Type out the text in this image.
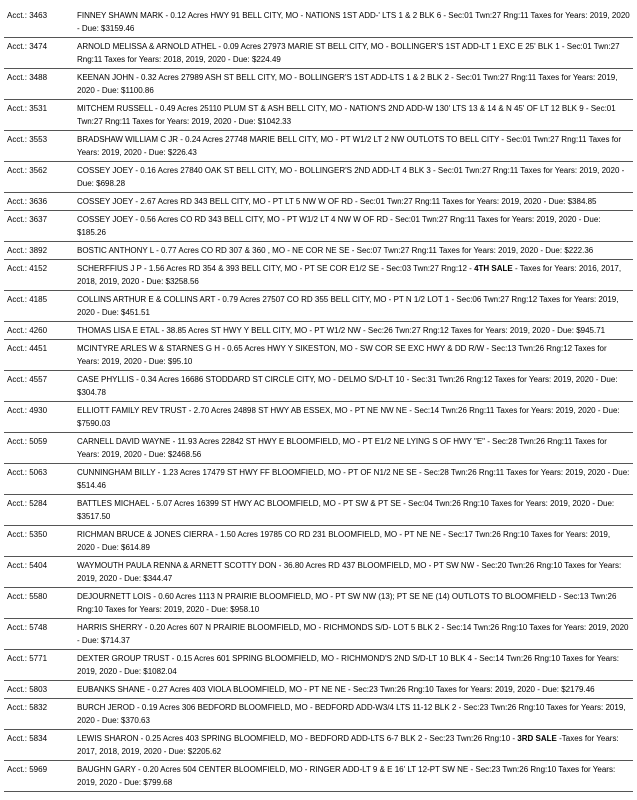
Acct.: 3463	FINNEY SHAWN MARK - 0.12 Acres HWY 91 BELL CITY, MO - NATIONS 1ST ADD-' LTS 1 & 2 BLK 6 - Sec:01 Twn:27 Rng:11 Taxes for Years: 2019, 2020 - Due: $3159.46
Acct.: 3474	ARNOLD MELISSA & ARNOLD ATHEL - 0.09 Acres 27973 MARIE ST BELL CITY, MO - BOLLINGER'S 1ST ADD-LT 1 EXC E 25' BLK 1 - Sec:01 Twn:27 Rng:11 Taxes for Years: 2018, 2019, 2020 - Due: $224.49
Acct.: 3488	KEENAN JOHN - 0.32 Acres 27989 ASH ST BELL CITY, MO - BOLLINGER'S 1ST ADD-LTS 1 & 2 BLK 2 - Sec:01 Twn:27 Rng:11 Taxes for Years: 2019, 2020 - Due: $1100.86
Acct.: 3531	MITCHEM RUSSELL - 0.49 Acres 25110 PLUM ST & ASH BELL CITY, MO - NATION'S 2ND ADD-W 130' LTS 13 & 14 & N 45' OF LT 12 BLK 9 - Sec:01 Twn:27 Rng:11 Taxes for Years: 2019, 2020 - Due: $1042.33
Acct.: 3553	BRADSHAW WILLIAM C JR - 0.24 Acres 27748 MARIE BELL CITY, MO - PT W1/2 LT 2 NW OUTLOTS TO BELL CITY - Sec:01 Twn:27 Rng:11 Taxes for Years: 2019, 2020 - Due: $226.43
Acct.: 3562	COSSEY JOEY - 0.16 Acres 27840 OAK ST BELL CITY, MO - BOLLINGER'S 2ND ADD-LT 4 BLK 3 - Sec:01 Twn:27 Rng:11 Taxes for Years: 2019, 2020 - Due: $698.28
Acct.: 3636	COSSEY JOEY - 2.67 Acres RD 343 BELL CITY, MO - PT LT 5 NW W OF RD - Sec:01 Twn:27 Rng:11 Taxes for Years: 2019, 2020 - Due: $384.85
Acct.: 3637	COSSEY JOEY - 0.56 Acres CO RD 343 BELL CITY, MO - PT W1/2 LT 4 NW W OF RD - Sec:01 Twn:27 Rng:11 Taxes for Years: 2019, 2020 - Due: $185.26
Acct.: 3892	BOSTIC ANTHONY L - 0.77 Acres CO RD 307 & 360 , MO - NE COR NE SE - Sec:07 Twn:27 Rng:11 Taxes for Years: 2019, 2020 - Due: $222.36
Acct.: 4152	SCHERFFIUS J P - 1.56 Acres RD 354 & 393 BELL CITY, MO - PT SE COR E1/2 SE - Sec:03 Twn:27 Rng:12 - 4TH SALE - Taxes for Years: 2016, 2017, 2018, 2019, 2020 - Due: $3258.56
Acct.: 4185	COLLINS ARTHUR E & COLLINS ART - 0.79 Acres 27507 CO RD 355 BELL CITY, MO - PT N 1/2 LOT 1 - Sec:06 Twn:27 Rng:12 Taxes for Years: 2019, 2020 - Due: $451.51
Acct.: 4260	THOMAS LISA E ETAL - 38.85 Acres ST HWY Y BELL CITY, MO - PT W1/2 NW - Sec:26 Twn:27 Rng:12 Taxes for Years: 2019, 2020 - Due: $945.71
Acct.: 4451	MCINTYRE ARLES W & STARNES G H - 0.65 Acres HWY Y SIKESTON, MO - SW COR SE EXC HWY & DD R/W - Sec:13 Twn:26 Rng:12 Taxes for Years: 2019, 2020 - Due: $95.10
Acct.: 4557	CASE PHYLLIS - 0.34 Acres 16686 STODDARD ST CIRCLE CITY, MO - DELMO S/D-LT 10 - Sec:31 Twn:26 Rng:12 Taxes for Years: 2019, 2020 - Due: $304.78
Acct.: 4930	ELLIOTT FAMILY REV TRUST - 2.70 Acres 24898 ST HWY AB ESSEX, MO - PT NE NW NE - Sec:14 Twn:26 Rng:11 Taxes for Years: 2019, 2020 - Due: $7590.03
Acct.: 5059	CARNELL DAVID WAYNE - 11.93 Acres 22842 ST HWY E BLOOMFIELD, MO - PT E1/2 NE LYING S OF HWY "E" - Sec:28 Twn:26 Rng:11 Taxes for Years: 2019, 2020 - Due: $2468.56
Acct.: 5063	CUNNINGHAM BILLY - 1.23 Acres 17479 ST HWY FF BLOOMFIELD, MO - PT OF N1/2 NE SE - Sec:28 Twn:26 Rng:11 Taxes for Years: 2019, 2020 - Due: $514.46
Acct.: 5284	BATTLES MICHAEL - 5.07 Acres 16399 ST HWY AC BLOOMFIELD, MO - PT SW & PT SE - Sec:04 Twn:26 Rng:10 Taxes for Years: 2019, 2020 - Due: $3517.50
Acct.: 5350	RICHMAN BRUCE & JONES CIERRA - 1.50 Acres 19785 CO RD 231 BLOOMFIELD, MO - PT NE NE - Sec:17 Twn:26 Rng:10 Taxes for Years: 2019, 2020 - Due: $614.89
Acct.: 5404	WAYMOUTH PAULA RENNA & ARNETT SCOTTY DON - 36.80 Acres RD 437 BLOOMFIELD, MO - PT SW NW - Sec:20 Twn:26 Rng:10 Taxes for Years: 2019, 2020 - Due: $344.47
Acct.: 5580	DEJOURNETT LOIS - 0.60 Acres 1113 N PRAIRIE BLOOMFIELD, MO - PT SW NW (13); PT SE NE (14) OUTLOTS TO BLOOMFIELD - Sec:13 Twn:26 Rng:10 Taxes for Years: 2019, 2020 - Due: $958.10
Acct.: 5748	HARRIS SHERRY - 0.20 Acres 607 N PRAIRIE BLOOMFIELD, MO - RICHMONDS S/D- LOT 5 BLK 2 - Sec:14 Twn:26 Rng:10 Taxes for Years: 2019, 2020 - Due: $714.37
Acct.: 5771	DEXTER GROUP TRUST - 0.15 Acres 601 SPRING BLOOMFIELD, MO - RICHMOND'S 2ND S/D-LT 10 BLK 4 - Sec:14 Twn:26 Rng:10 Taxes for Years: 2019, 2020 - Due: $1082.04
Acct.: 5803	EUBANKS SHANE - 0.27 Acres 403 VIOLA BLOOMFIELD, MO - PT NE NE - Sec:23 Twn:26 Rng:10 Taxes for Years: 2019, 2020 - Due: $2179.46
Acct.: 5832	BURCH JEROD - 0.19 Acres 306 BEDFORD BLOOMFIELD, MO - BEDFORD ADD-W3/4 LTS 11-12 BLK 2 - Sec:23 Twn:26 Rng:10 Taxes for Years: 2019, 2020 - Due: $370.63
Acct.: 5834	LEWIS SHARON - 0.25 Acres 403 SPRING BLOOMFIELD, MO - BEDFORD ADD-LTS 6-7 BLK 2 - Sec:23 Twn:26 Rng:10 - 3RD SALE -Taxes for Years: 2017, 2018, 2019, 2020 - Due: $2205.62
Acct.: 5969	BAUGHN GARY - 0.20 Acres 504 CENTER BLOOMFIELD, MO - RINGER ADD-LT 9 & E 16' LT 12-PT SW NE - Sec:23 Twn:26 Rng:10 Taxes for Years: 2019, 2020 - Due: $799.68
